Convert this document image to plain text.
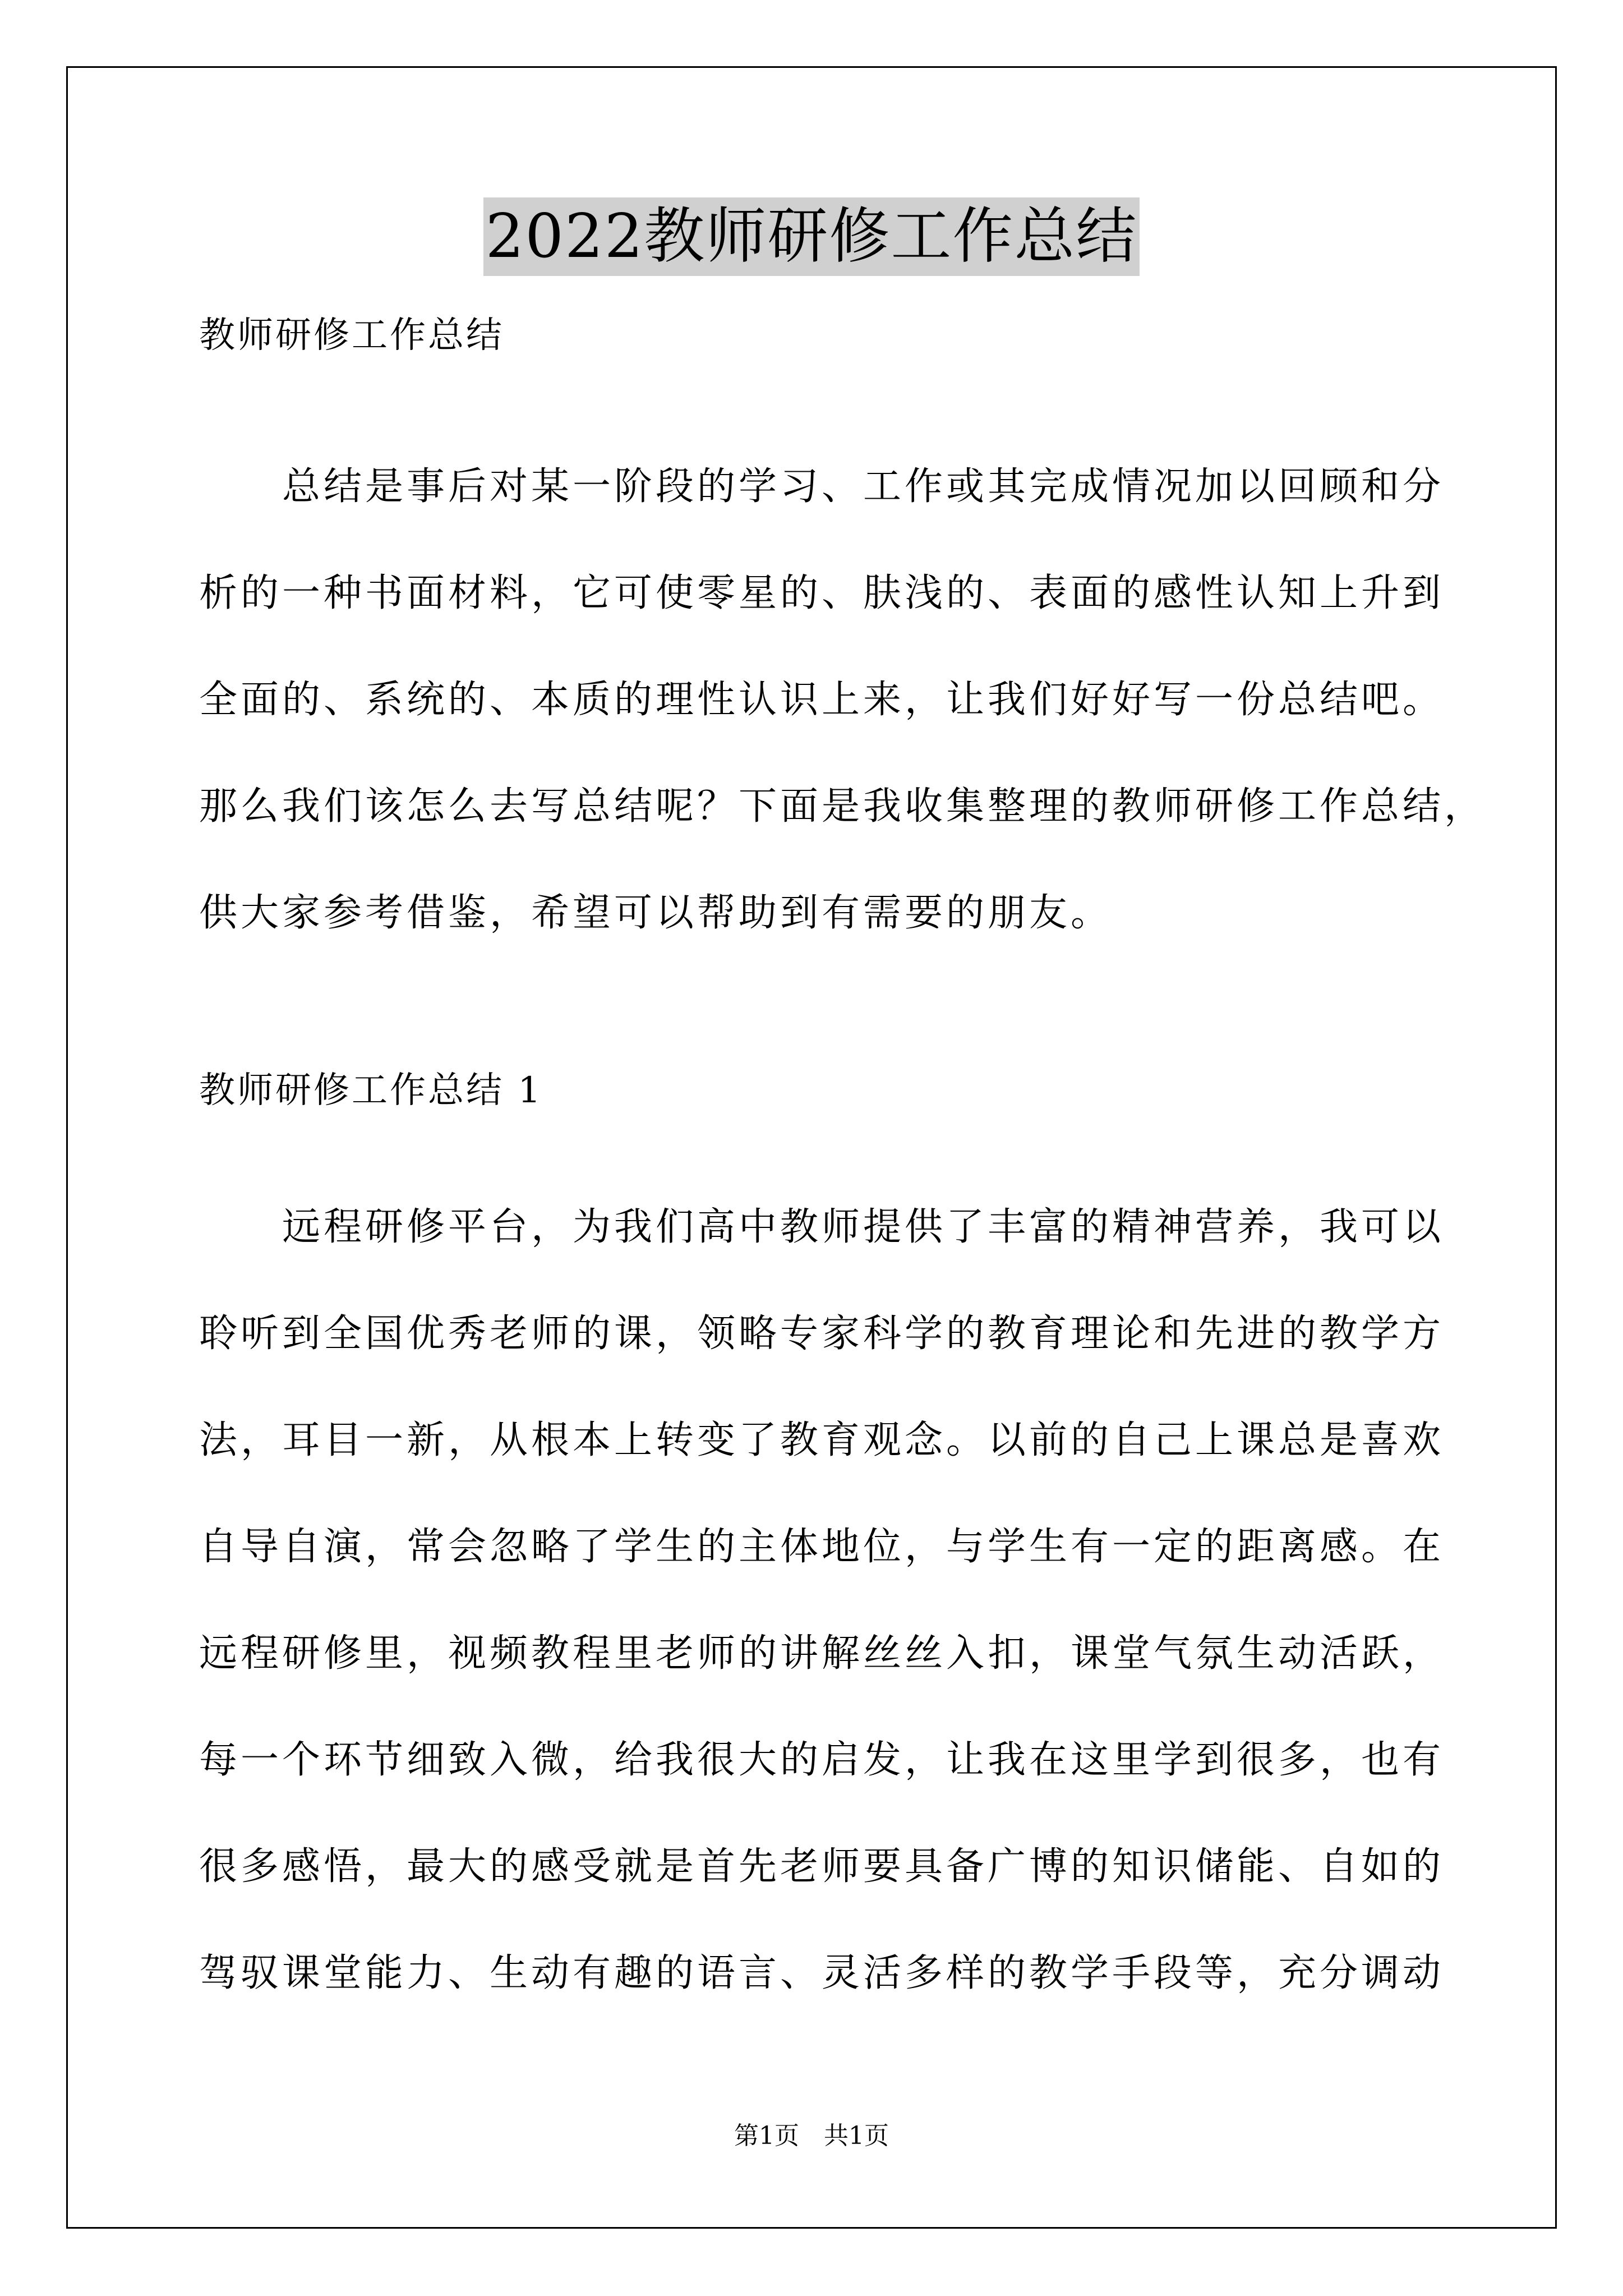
2022教师研修工作总结
教师研修工作总结
　　总结是事后对某一阶段的学习、工作或其完成情况加以回顾和分
析的一种书面材料，它可使零星的、肤浅的、表面的感性认知上升到
全面的、系统的、本质的理性认识上来，让我们好好写一份总结吧。
那么我们该怎么去写总结呢？下面是我收集整理的教师研修工作总结，
供大家参考借鉴，希望可以帮助到有需要的朋友。
教师研修工作总结 1
　　远程研修平台，为我们高中教师提供了丰富的精神营养，我可以
聆听到全国优秀老师的课，领略专家科学的教育理论和先进的教学方
法，耳目一新，从根本上转变了教育观念。以前的自己上课总是喜欢
自导自演，常会忽略了学生的主体地位，与学生有一定的距离感。在
远程研修里，视频教程里老师的讲解丝丝入扣，课堂气氛生动活跃，
每一个环节细致入微，给我很大的启发，让我在这里学到很多，也有
很多感悟，最大的感受就是首先老师要具备广博的知识储能、自如的
驾驭课堂能力、生动有趣的语言、灵活多样的教学手段等，充分调动
第1页　共1页
